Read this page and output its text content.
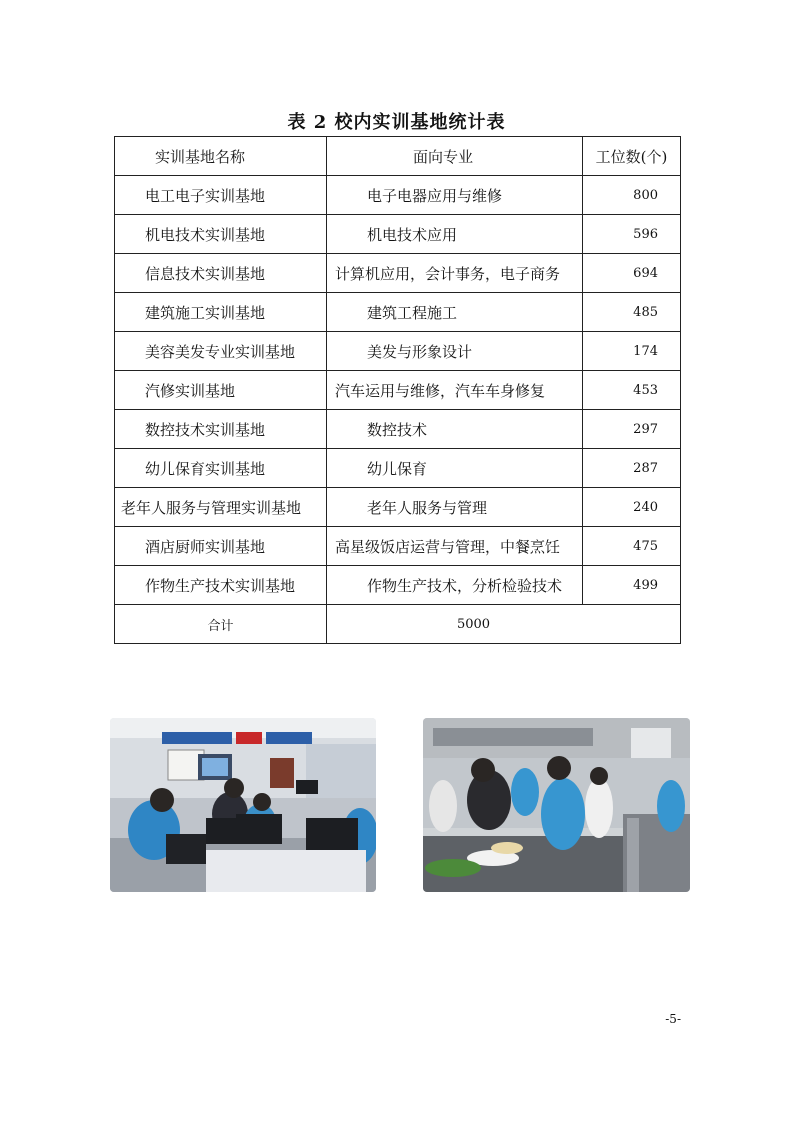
表 2 校内实训基地统计表
实训基地名称	面向专业	工位数(个)
电工电子实训基地	电子电器应用与维修	800
机电技术实训基地	机电技术应用	596
信息技术实训基地	计算机应用，会计事务，电子商务	694
建筑施工实训基地	建筑工程施工	485
美容美发专业实训基地	美发与形象设计	174
汽修实训基地	汽车运用与维修，汽车车身修复	453
数控技术实训基地	数控技术	297
幼儿保育实训基地	幼儿保育	287
老年人服务与管理实训基地	老年人服务与管理	240
酒店厨师实训基地	高星级饭店运营与管理，中餐烹饪	475
作物生产技术实训基地	作物生产技术，分析检验技术	499
合计	5000	
-5-
